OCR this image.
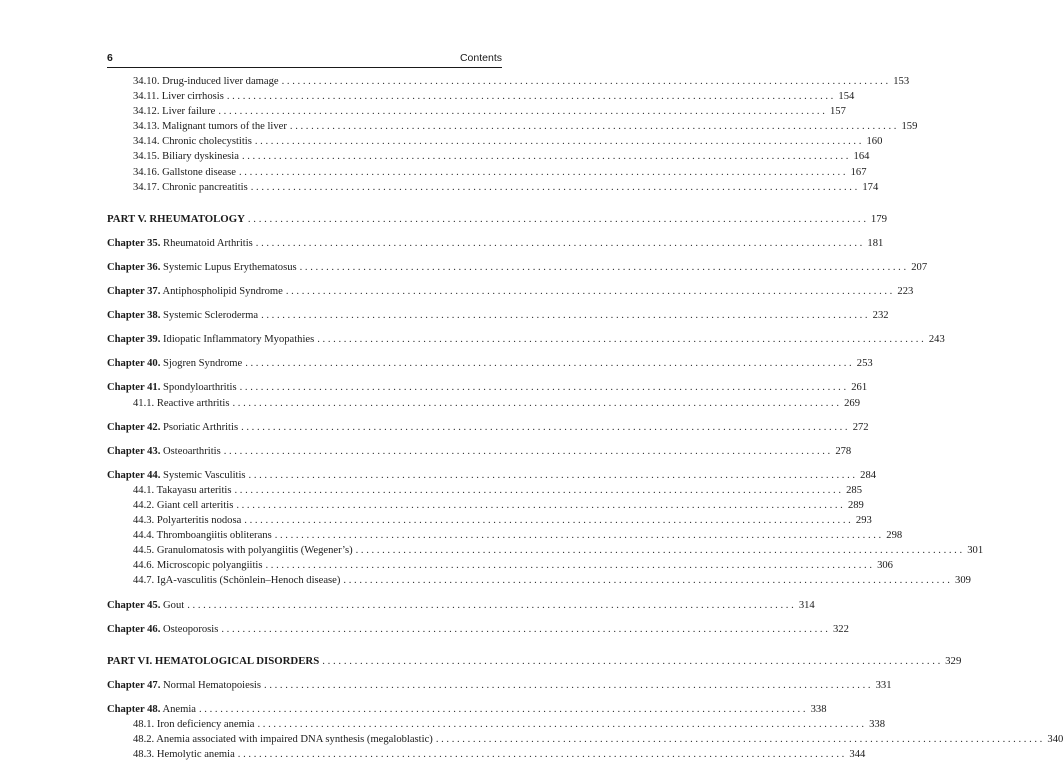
6	Contents
34.10. Drug-induced liver damage . . .	153
34.11. Liver cirrhosis . . .	154
34.12. Liver failure . . .	157
34.13. Malignant tumors of the liver . . .	159
34.14. Chronic cholecystitis . . .	160
34.15. Biliary dyskinesia . . .	164
34.16. Gallstone disease . . .	167
34.17. Chronic pancreatitis . . .	174
PART V. RHEUMATOLOGY . . .	179
Chapter 35. Rheumatoid Arthritis . . .	181
Chapter 36. Systemic Lupus Erythematosus . . .	207
Chapter 37. Antiphospholipid Syndrome . . .	223
Chapter 38. Systemic Scleroderma . . .	232
Chapter 39. Idiopatic Inflammatory Myopathies . . .	243
Chapter 40. Sjogren Syndrome . . .	253
Chapter 41. Spondyloarthritis . . .	261
41.1. Reactive arthritis . . .	269
Chapter 42. Psoriatic Arthritis . . .	272
Chapter 43. Osteoarthritis . . .	278
Chapter 44. Systemic Vasculitis . . .	284
44.1. Takayasu arteritis . . .	285
44.2. Giant cell arteritis . . .	289
44.3. Polyarteritis nodosa . . .	293
44.4. Thromboangiitis obliterans . . .	298
44.5. Granulomatosis with polyangiitis (Wegener’s) . . .	301
44.6. Microscopic polyangiitis . . .	306
44.7. IgA-vasculitis (Schönlein–Henoch disease) . . .	309
Chapter 45. Gout . . .	314
Chapter 46. Osteoporosis . . .	322
PART VI. HEMATOLOGICAL DISORDERS . . .	329
Chapter 47. Normal Hematopoiesis . . .	331
Chapter 48. Anemia . . .	338
48.1. Iron deficiency anemia . . .	338
48.2. Anemia associated with impaired DNA synthesis (megaloblastic) . . .	340
48.3. Hemolytic anemia . . .	344
